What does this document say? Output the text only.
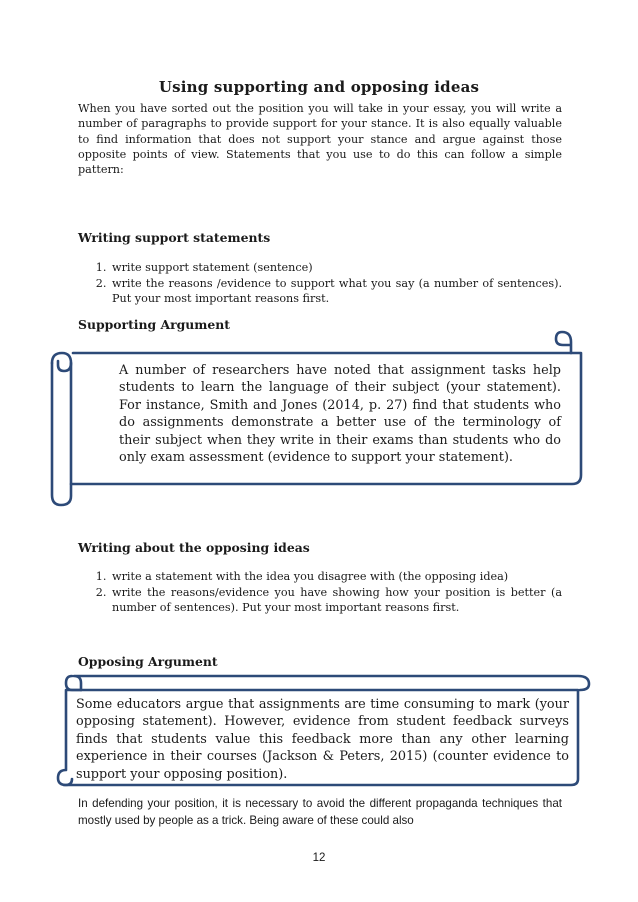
Using supporting and opposing ideas
When you have sorted out the position you will take in your essay, you will write a number of paragraphs to provide support for your stance. It is also equally valuable to find information that does not support your stance and argue against those opposite points of view. Statements that you use to do this can follow a simple pattern:
Writing support statements
1. write support statement (sentence)
2. write the reasons /evidence to support what you say (a number of sentences). Put your most important reasons first.
Supporting Argument
A number of researchers have noted that assignment tasks help students to learn the language of their subject (your statement). For instance, Smith and Jones (2014, p. 27) find that students who do assignments demonstrate a better use of the terminology of their subject when they write in their exams than students who do only exam assessment (evidence to support your statement).
Writing about the opposing ideas
1. write a statement with the idea you disagree with (the opposing idea)
2. write the reasons/evidence you have showing how your position is better (a number of sentences). Put your most important reasons first.
Opposing Argument
Some educators argue that assignments are time consuming to mark (your opposing statement). However, evidence from student feedback surveys finds that students value this feedback more than any other learning experience in their courses (Jackson & Peters, 2015) (counter evidence to support your opposing position).
In defending your position, it is necessary to avoid the different propaganda techniques that mostly used by people as a trick. Being aware of these could also
12
